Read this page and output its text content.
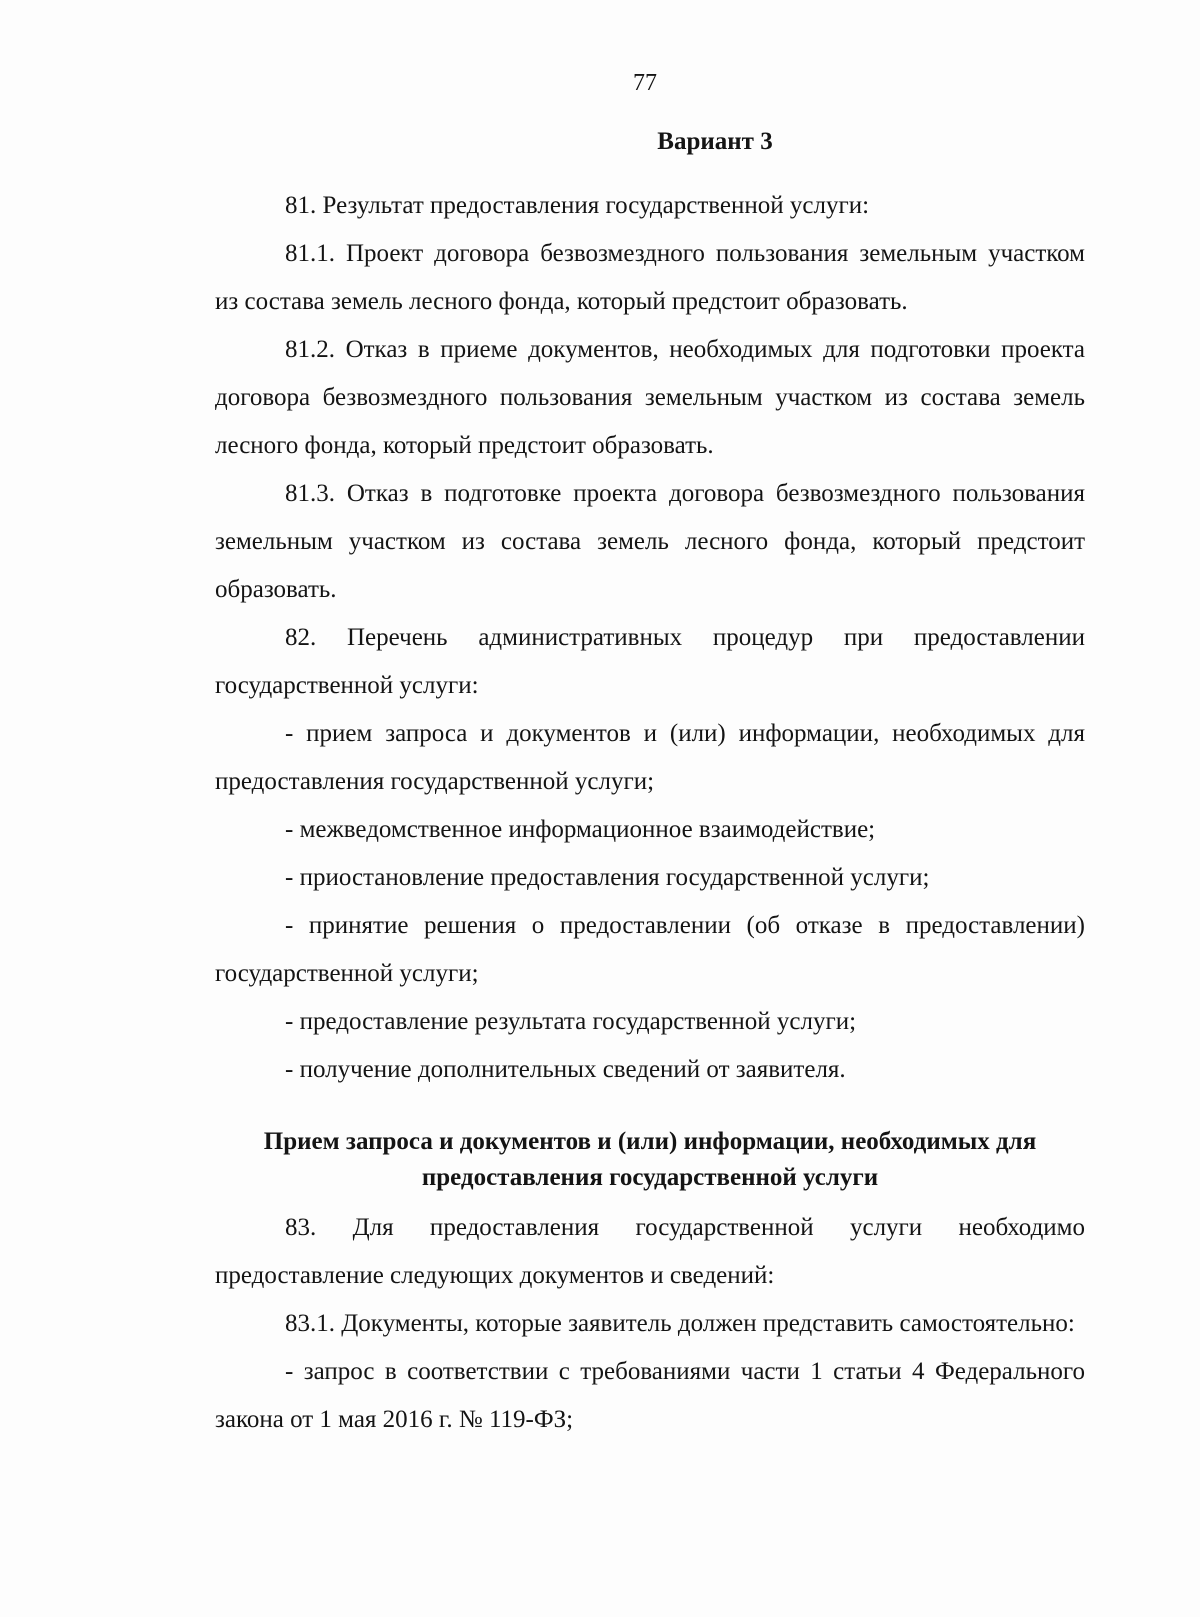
77
Вариант 3
81. Результат предоставления государственной услуги:
81.1. Проект договора безвозмездного пользования земельным участком из состава земель лесного фонда, который предстоит образовать.
81.2. Отказ в приеме документов, необходимых для подготовки проекта договора безвозмездного пользования земельным участком из состава земель лесного фонда, который предстоит образовать.
81.3. Отказ в подготовке проекта договора безвозмездного пользования земельным участком из состава земель лесного фонда, который предстоит образовать.
82. Перечень административных процедур при предоставлении государственной услуги:
- прием запроса и документов и (или) информации, необходимых для предоставления государственной услуги;
- межведомственное информационное взаимодействие;
- приостановление предоставления государственной услуги;
- принятие решения о предоставлении (об отказе в предоставлении) государственной услуги;
- предоставление результата государственной услуги;
- получение дополнительных сведений от заявителя.
Прием запроса и документов и (или) информации, необходимых для
предоставления государственной услуги
83. Для предоставления государственной услуги необходимо предоставление следующих документов и сведений:
83.1. Документы, которые заявитель должен представить самостоятельно:
- запрос в соответствии с требованиями части 1 статьи 4 Федерального закона от 1 мая 2016 г. № 119-ФЗ;
